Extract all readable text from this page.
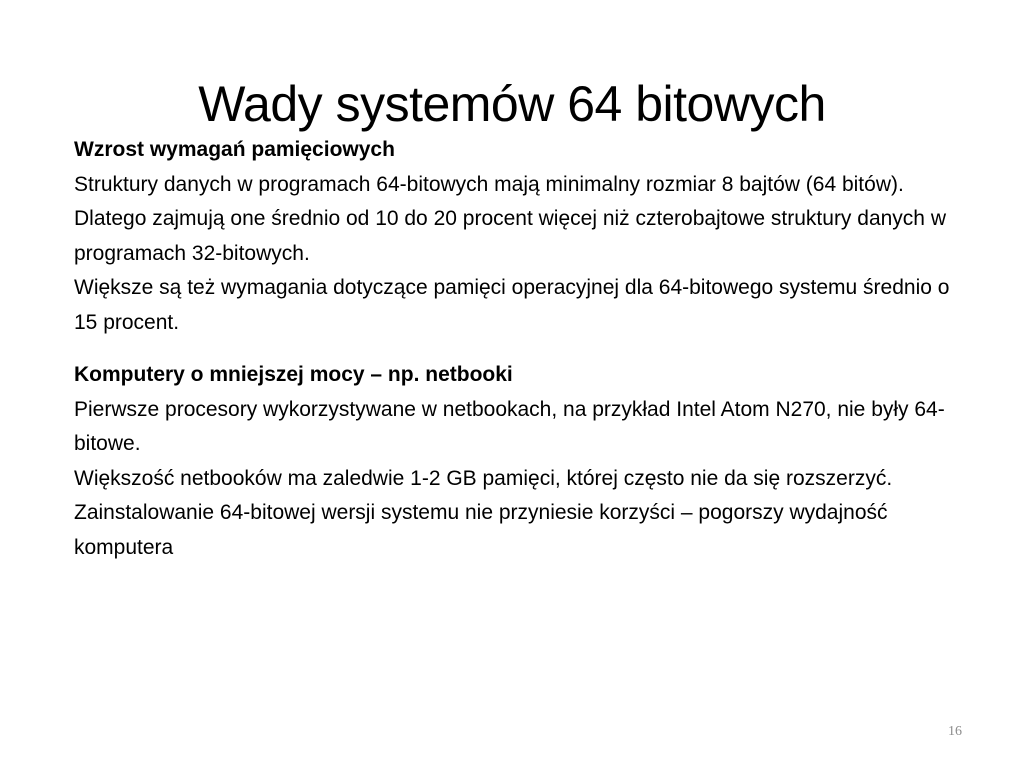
Wady systemów 64 bitowych
Wzrost wymagań pamięciowych
Struktury danych w programach 64-bitowych mają minimalny rozmiar 8 bajtów (64 bitów). Dlatego zajmują one średnio od 10 do 20 procent więcej niż czterobajtowe struktury danych w programach 32-bitowych.
Większe są też wymagania dotyczące pamięci operacyjnej dla 64-bitowego systemu średnio o 15 procent.
Komputery o mniejszej mocy – np. netbooki
Pierwsze procesory wykorzystywane w netbookach, na przykład Intel Atom N270, nie były 64-bitowe.
Większość netbooków ma zaledwie 1-2 GB pamięci, której często nie da się rozszerzyć.
Zainstalowanie 64-bitowej wersji systemu nie przyniesie korzyści – pogorszy wydajność komputera
16
